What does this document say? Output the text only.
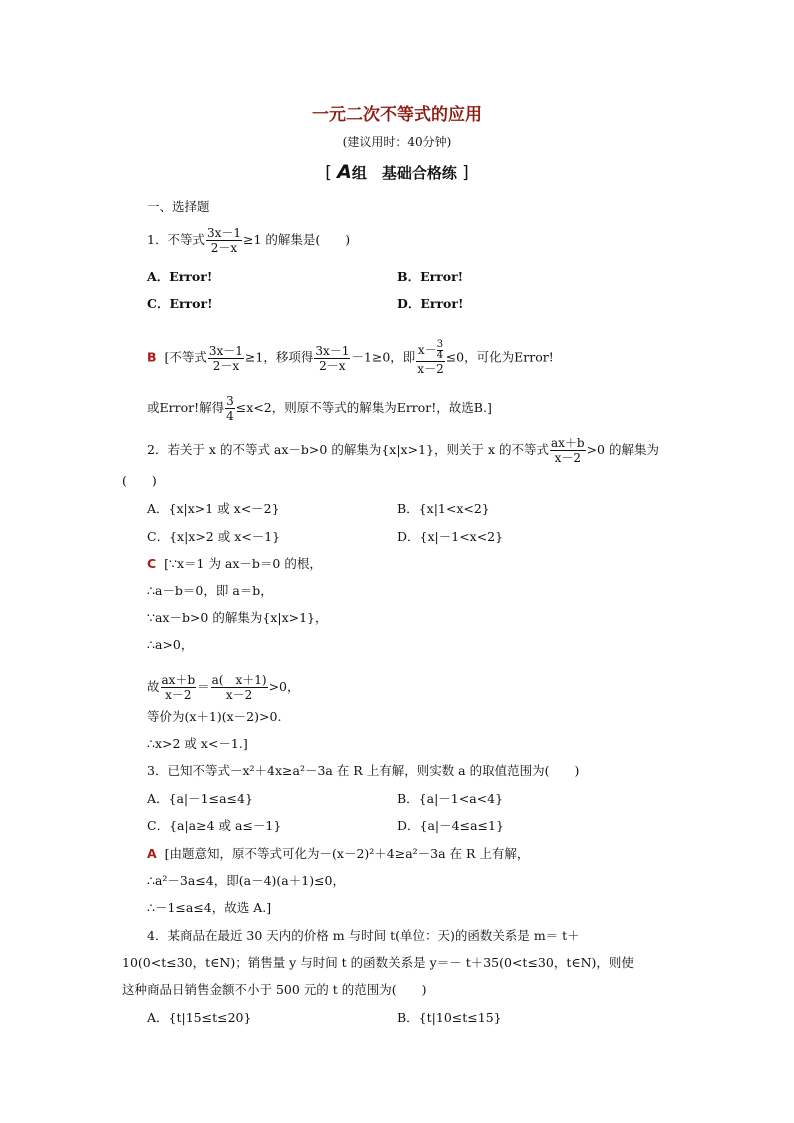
一元二次不等式的应用
(建议用时：40分钟)
[ A组　基础合格练 ]
一、选择题
1．不等式 $\frac{3x-1}{2-x} \ge 1$ 的解集是(　　)
A．Error!	B．Error!
C．Error!	D．Error!
B [不等式 $\frac{3x-1}{2-x} \ge 1$，移项得 $\frac{3x-1}{2-x} -1\ge 0$，即 $\frac{x- \frac{3}{4}}{x-2} \le 0$，可化为Error!
或Error!解得 $\frac{3}{4} \le x<2$，则原不等式的解集为Error!，故选B.]
2．若关于 x 的不等式 ax－b>0 的解集为{x|x>1}，则关于 x 的不等式 $\frac{ax+b}{x-2} >0$ 的解集为
(　　)
A．{x|x>1 或 x<－2}	B．{x|1<x<2}
C．{x|x>2 或 x<－1}	D．{x|－1<x<2}
C [∵x＝1 为 ax－b＝0 的根，
∴a－b＝0，即 a＝b，
∵ax－b>0 的解集为{x|x>1}，
∴a>0，
故 $\frac{ax+b}{x-2} = \frac{a( x+1)}{x-2} >0$，
等价为(x＋1)(x－2)>0.
∴x>2 或 x<－1.]
3．已知不等式－x²＋4x≥a²－3a 在 R 上有解，则实数 a 的取值范围为(　　)
A．{a|－1≤a≤4}	B．{a|－1<a<4}
C．{a|a≥4 或 a≤－1}	D．{a|－4≤a≤1}
A [由题意知，原不等式可化为－(x－2)²＋4≥a²－3a 在 R 上有解，
∴a²－3a≤4，即(a－4)(a＋1)≤0，
∴－1≤a≤4，故选 A.]
4．某商品在最近 30 天内的价格 m 与时间 t(单位：天)的函数关系是 m＝ t＋
10(0<t≤30，t∈N)；销售量 y 与时间 t 的函数关系是 y＝－ t＋35(0<t≤30，t∈N)，则使
这种商品日销售金额不小于 500 元的 t 的范围为(　　)
A．{t|15≤t≤20}	B．{t|10≤t≤15}
